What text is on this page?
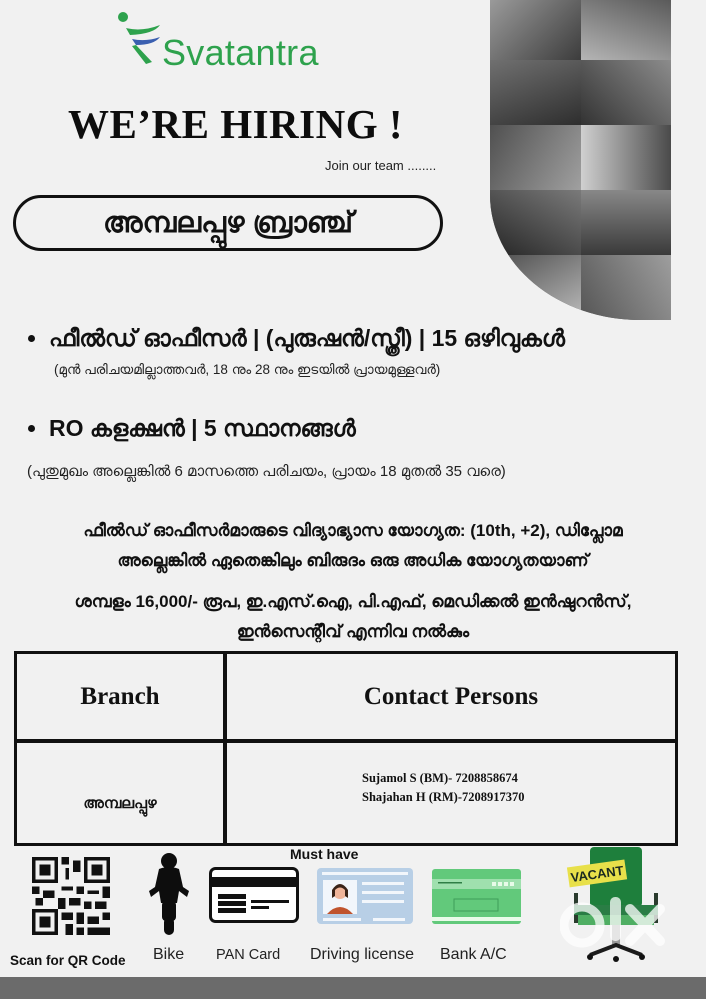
Svatantra
WE’RE HIRING !
Join our team ........
അമ്പലപ്പുഴ ബ്രാഞ്ച്
ഫീൽഡ് ഓഫീസർ | (പുരുഷൻ/സ്ത്രീ) | 15 ഒഴിവുകൾ
(മുൻ പരിചയമില്ലാത്തവർ, 18 നും 28 നും ഇടയിൽ പ്രായമുള്ളവർ)
RO കളക്ഷൻ | 5 സ്ഥാനങ്ങൾ
(പുതുമുഖം അല്ലെങ്കിൽ 6 മാസത്തെ പരിചയം, പ്രായം 18 മുതൽ 35 വരെ)
ഫീൽഡ് ഓഫീസർമാരുടെ വിദ്യാഭ്യാസ യോഗ്യത: (10th, +2), ഡിപ്ലോമ
അല്ലെങ്കിൽ ഏതെങ്കിലും ബിരുദം ഒരു അധിക യോഗ്യതയാണ്
ശമ്പളം 16,000/- രൂപ, ഇ.എസ്.ഐ, പി.എഫ്, മെഡിക്കൽ ഇൻഷുറൻസ്,
ഇൻസെന്റീവ് എന്നിവ നൽകും
Branch	Contact Persons
അമ്പലപ്പുഴ
Sujamol S (BM)- 7208858674
Shajahan H (RM)-7208917370
Must have
Scan for QR Code Bike PAN Card Driving license Bank A/C
VACANT
